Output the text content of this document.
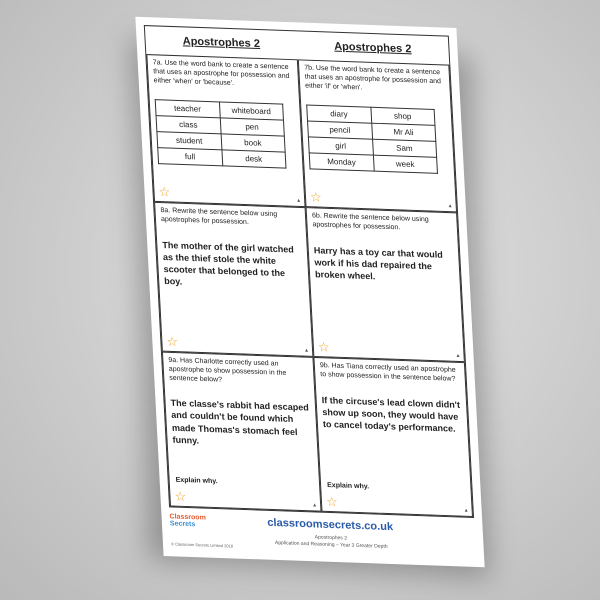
Apostrophes 2	Apostrophes 2
7a. Use the word bank to create a sentence that uses an apostrophe for possession and either 'when' or 'because'.
teacher	whiteboard
class	pen
student	book
full	desk
☆
▲
7b. Use the word bank to create a sentence that uses an apostrophe for possession and either 'if' or 'when'.
diary	shop
pencil	Mr Ali
girl	Sam
Monday	week
☆
▲
8a. Rewrite the sentence below using apostrophes for possession.
The mother of the girl watched as the thief stole the white scooter that belonged to the boy.
☆
▲
6b. Rewrite the sentence below using apostrophes for possession.
Harry has a toy car that would work if his dad repaired the broken wheel.
☆
▲
9a. Has Charlotte correctly used an apostrophe to show possession in the sentence below?
The classe's rabbit had escaped and couldn't be found which made Thomas's stomach feel funny.
Explain why.
☆
▲
9b. Has Tiana correctly used an apostrophe to show possession in the sentence below?
If the circuse's lead clown didn't show up soon, they would have to cancel today's performance.
Explain why.
☆
▲
Classroom
Secrets
© Classroom Secrets Limited 2018
classroomsecrets.co.uk
Apostrophes 2
Application and Reasoning – Year 3 Greater Depth
